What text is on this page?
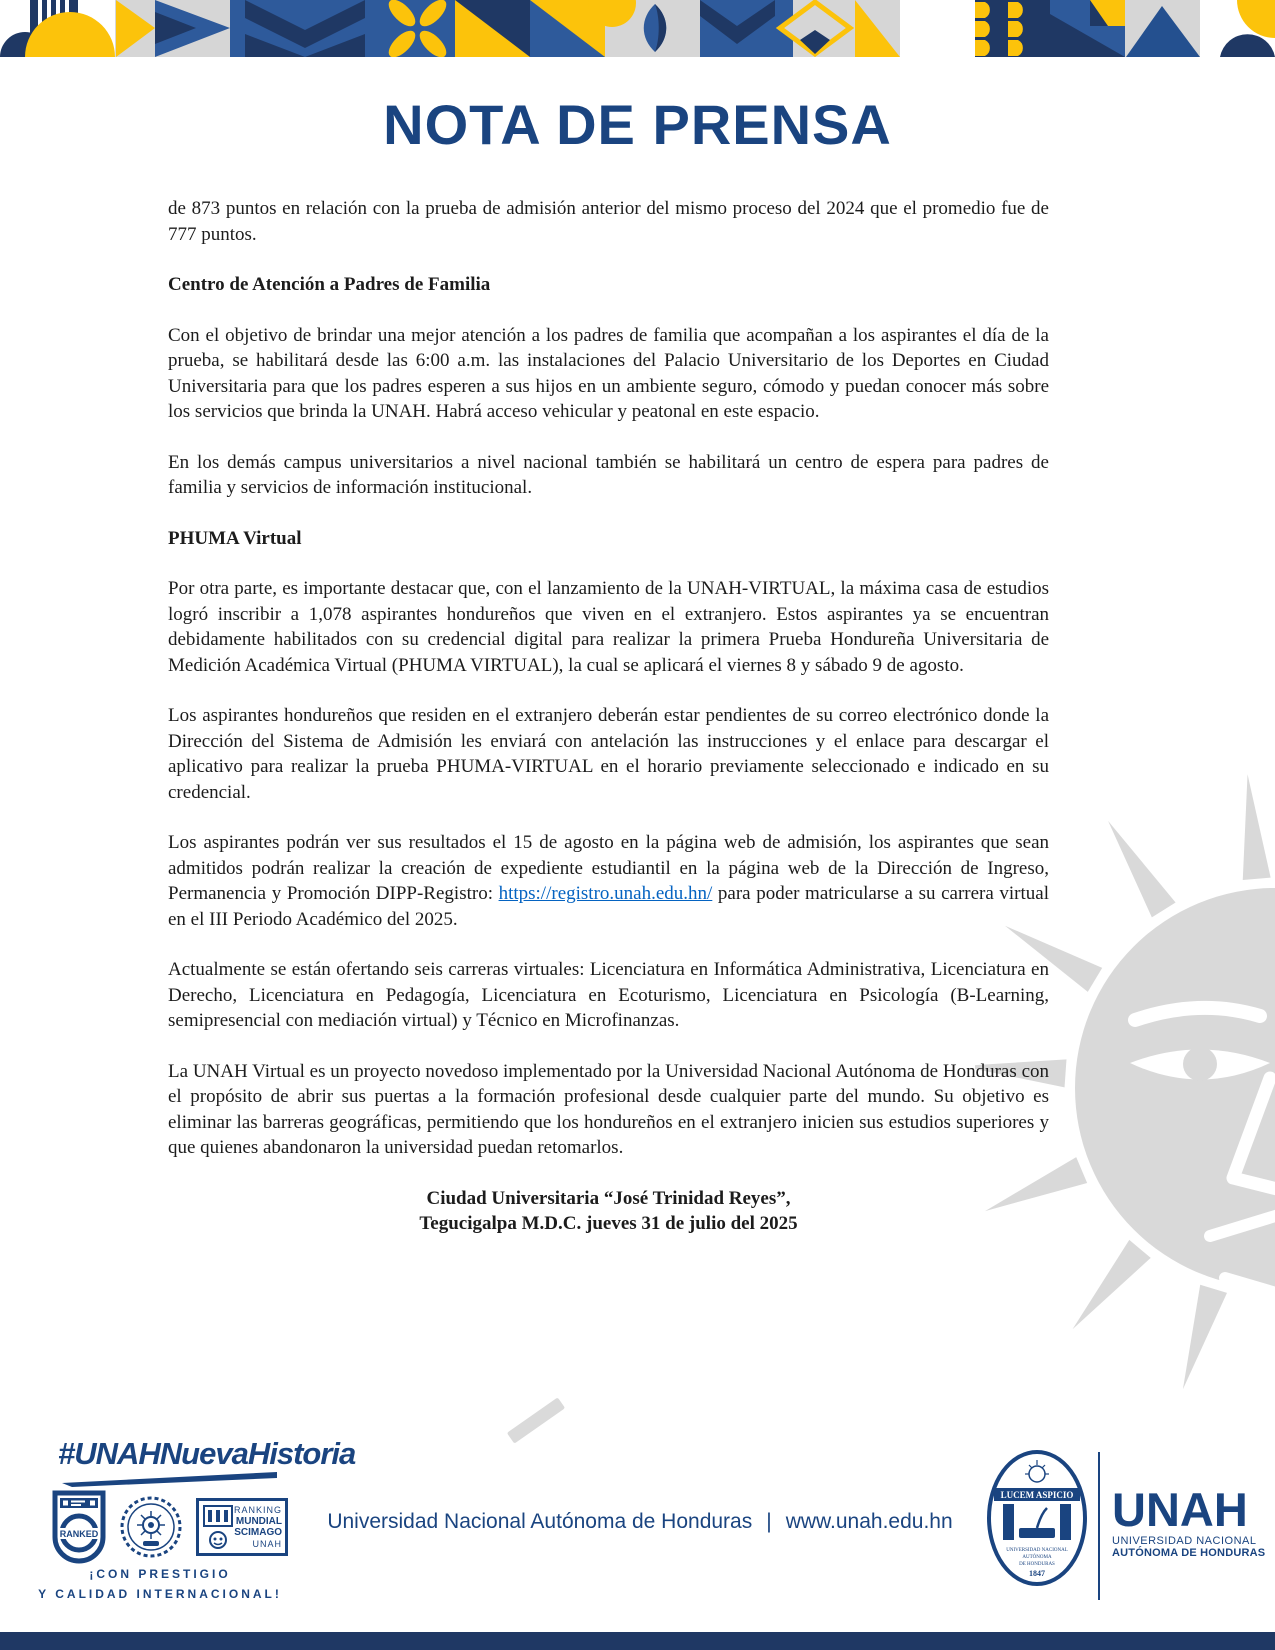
NOTA DE PRENSA

de 873 puntos en relación con la prueba de admisión anterior del mismo proceso del 2024 que el promedio fue de 777 puntos.

Centro de Atención a Padres de Familia

Con el objetivo de brindar una mejor atención a los padres de familia que acompañan a los aspirantes el día de la prueba, se habilitará desde las 6:00 a.m. las instalaciones del Palacio Universitario de los Deportes en Ciudad Universitaria para que los padres esperen a sus hijos en un ambiente seguro, cómodo y puedan conocer más sobre los servicios que brinda la UNAH. Habrá acceso vehicular y peatonal en este espacio.

En los demás campus universitarios a nivel nacional también se habilitará un centro de espera para padres de familia y servicios de información institucional.

PHUMA Virtual

Por otra parte, es importante destacar que, con el lanzamiento de la UNAH-VIRTUAL, la máxima casa de estudios logró inscribir a 1,078 aspirantes hondureños que viven en el extranjero. Estos aspirantes ya se encuentran debidamente habilitados con su credencial digital para realizar la primera Prueba Hondureña Universitaria de Medición Académica Virtual (PHUMA VIRTUAL), la cual se aplicará el viernes 8 y sábado 9 de agosto.

Los aspirantes hondureños que residen en el extranjero deberán estar pendientes de su correo electrónico donde la Dirección del Sistema de Admisión les enviará con antelación las instrucciones y el enlace para descargar el aplicativo para realizar la prueba PHUMA-VIRTUAL en el horario previamente seleccionado e indicado en su credencial.

Los aspirantes podrán ver sus resultados el 15 de agosto en la página web de admisión, los aspirantes que sean admitidos podrán realizar la creación de expediente estudiantil en la página web de la Dirección de Ingreso, Permanencia y Promoción DIPP-Registro: https://registro.unah.edu.hn/ para poder matricularse a su carrera virtual en el III Periodo Académico del 2025.

Actualmente se están ofertando seis carreras virtuales: Licenciatura en Informática Administrativa, Licenciatura en Derecho, Licenciatura en Pedagogía, Licenciatura en Ecoturismo, Licenciatura en Psicología (B-Learning, semipresencial con mediación virtual) y Técnico en Microfinanzas.

La UNAH Virtual es un proyecto novedoso implementado por la Universidad Nacional Autónoma de Honduras con el propósito de abrir sus puertas a la formación profesional desde cualquier parte del mundo. Su objetivo es eliminar las barreras geográficas, permitiendo que los hondureños en el extranjero inicien sus estudios superiores y que quienes abandonaron la universidad puedan retomarlos.

Ciudad Universitaria “José Trinidad Reyes”,
Tegucigalpa M.D.C. jueves 31 de julio del 2025

#UNAHNuevaHistoria
RANKED
RANKING
MUNDIAL
SCIMAGO
UNAH
¡CON PRESTIGIO
Y CALIDAD INTERNACIONAL!
Universidad Nacional Autónoma de Honduras | www.unah.edu.hn
LUCEM ASPICIO
UNIVERSIDAD NACIONAL
AUTÓNOMA
DE HONDURAS
1847
UNAH
UNIVERSIDAD NACIONAL
AUTÓNOMA DE HONDURAS
